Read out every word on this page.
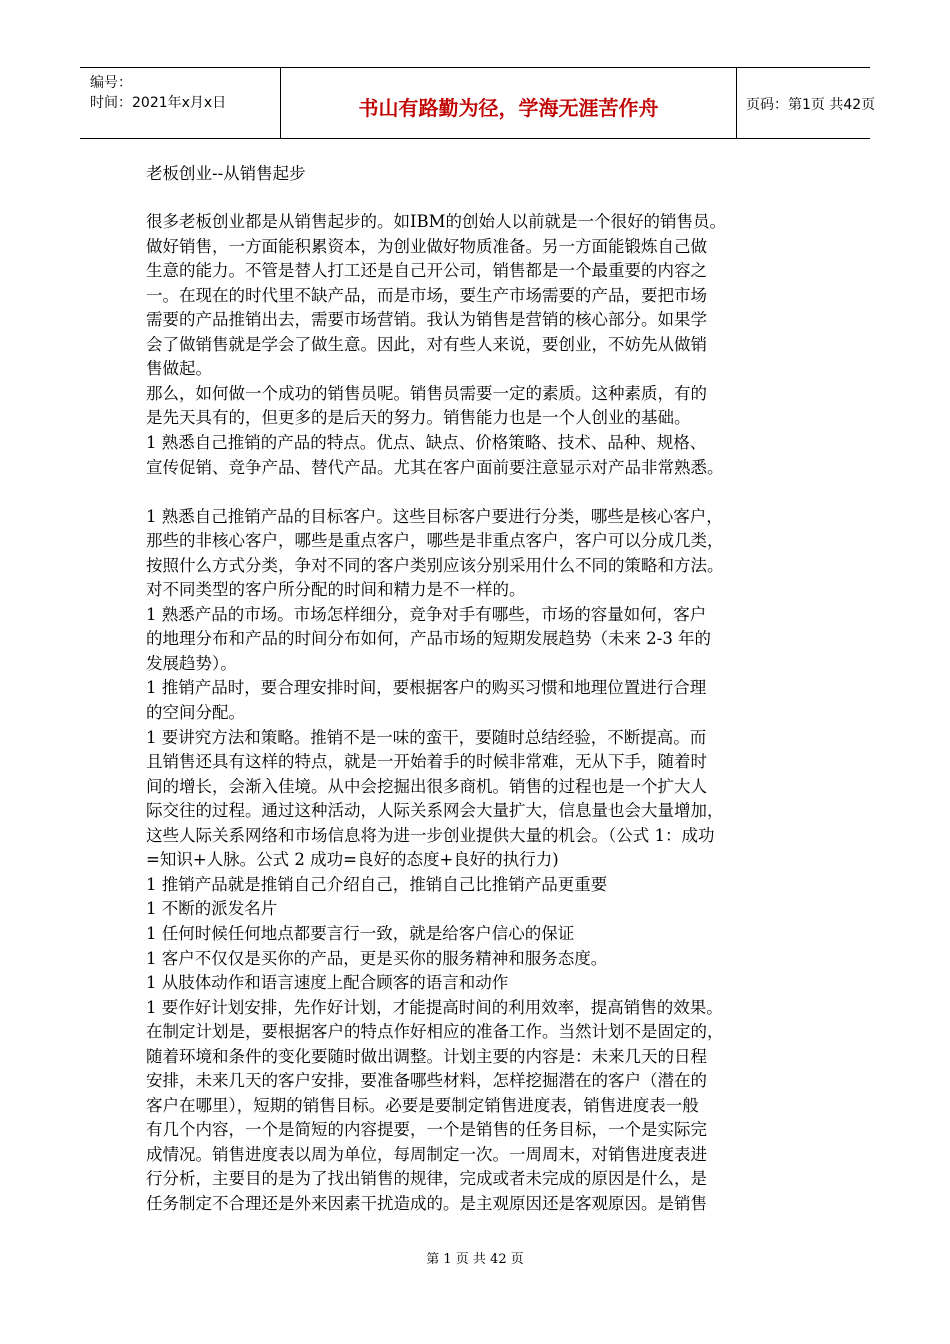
编号：
时间：2021年x月x日	书山有路勤为径，学海无涯苦作舟	页码：第1页 共42页
老板创业--从销售起步
很多老板创业都是从销售起步的。如IBM的创始人以前就是一个很好的销售员。
做好销售，一方面能积累资本，为创业做好物质准备。另一方面能锻炼自己做
生意的能力。不管是替人打工还是自己开公司，销售都是一个最重要的内容之
一。在现在的时代里不缺产品，而是市场，要生产市场需要的产品，要把市场
需要的产品推销出去，需要市场营销。我认为销售是营销的核心部分。如果学
会了做销售就是学会了做生意。因此，对有些人来说，要创业，不妨先从做销
售做起。
那么，如何做一个成功的销售员呢。销售员需要一定的素质。这种素质，有的
是先天具有的，但更多的是后天的努力。销售能力也是一个人创业的基础。
1 熟悉自己推销的产品的特点。优点、缺点、价格策略、技术、品种、规格、
宣传促销、竞争产品、替代产品。尤其在客户面前要注意显示对产品非常熟悉。
1 熟悉自己推销产品的目标客户。这些目标客户要进行分类，哪些是核心客户，
那些的非核心客户，哪些是重点客户，哪些是非重点客户，客户可以分成几类，
按照什么方式分类，争对不同的客户类别应该分别采用什么不同的策略和方法。
对不同类型的客户所分配的时间和精力是不一样的。
1 熟悉产品的市场。市场怎样细分，竞争对手有哪些，市场的容量如何，客户
的地理分布和产品的时间分布如何，产品市场的短期发展趋势（未来 2-3 年的
发展趋势）。
1 推销产品时，要合理安排时间，要根据客户的购买习惯和地理位置进行合理
的空间分配。
1 要讲究方法和策略。推销不是一味的蛮干，要随时总结经验，不断提高。而
且销售还具有这样的特点，就是一开始着手的时候非常难，无从下手，随着时
间的增长，会渐入佳境。从中会挖掘出很多商机。销售的过程也是一个扩大人
际交往的过程。通过这种活动，人际关系网会大量扩大，信息量也会大量增加，
这些人际关系网络和市场信息将为进一步创业提供大量的机会。（公式 1：成功
=知识+人脉。公式 2 成功=良好的态度+良好的执行力)
1 推销产品就是推销自己介绍自己，推销自己比推销产品更重要
1 不断的派发名片
1 任何时候任何地点都要言行一致，就是给客户信心的保证
1 客户不仅仅是买你的产品，更是买你的服务精神和服务态度。
1 从肢体动作和语言速度上配合顾客的语言和动作
1 要作好计划安排，先作好计划，才能提高时间的利用效率，提高销售的效果。
在制定计划是，要根据客户的特点作好相应的准备工作。当然计划不是固定的，
随着环境和条件的变化要随时做出调整。计划主要的内容是：未来几天的日程
安排，未来几天的客户安排，要准备哪些材料，怎样挖掘潜在的客户（潜在的
客户在哪里），短期的销售目标。必要是要制定销售进度表，销售进度表一般
有几个内容，一个是简短的内容提要，一个是销售的任务目标，一个是实际完
成情况。销售进度表以周为单位，每周制定一次。一周周末，对销售进度表进
行分析，主要目的是为了找出销售的规律，完成或者未完成的原因是什么，是
任务制定不合理还是外来因素干扰造成的。是主观原因还是客观原因。是销售
第 1 页 共 42 页
